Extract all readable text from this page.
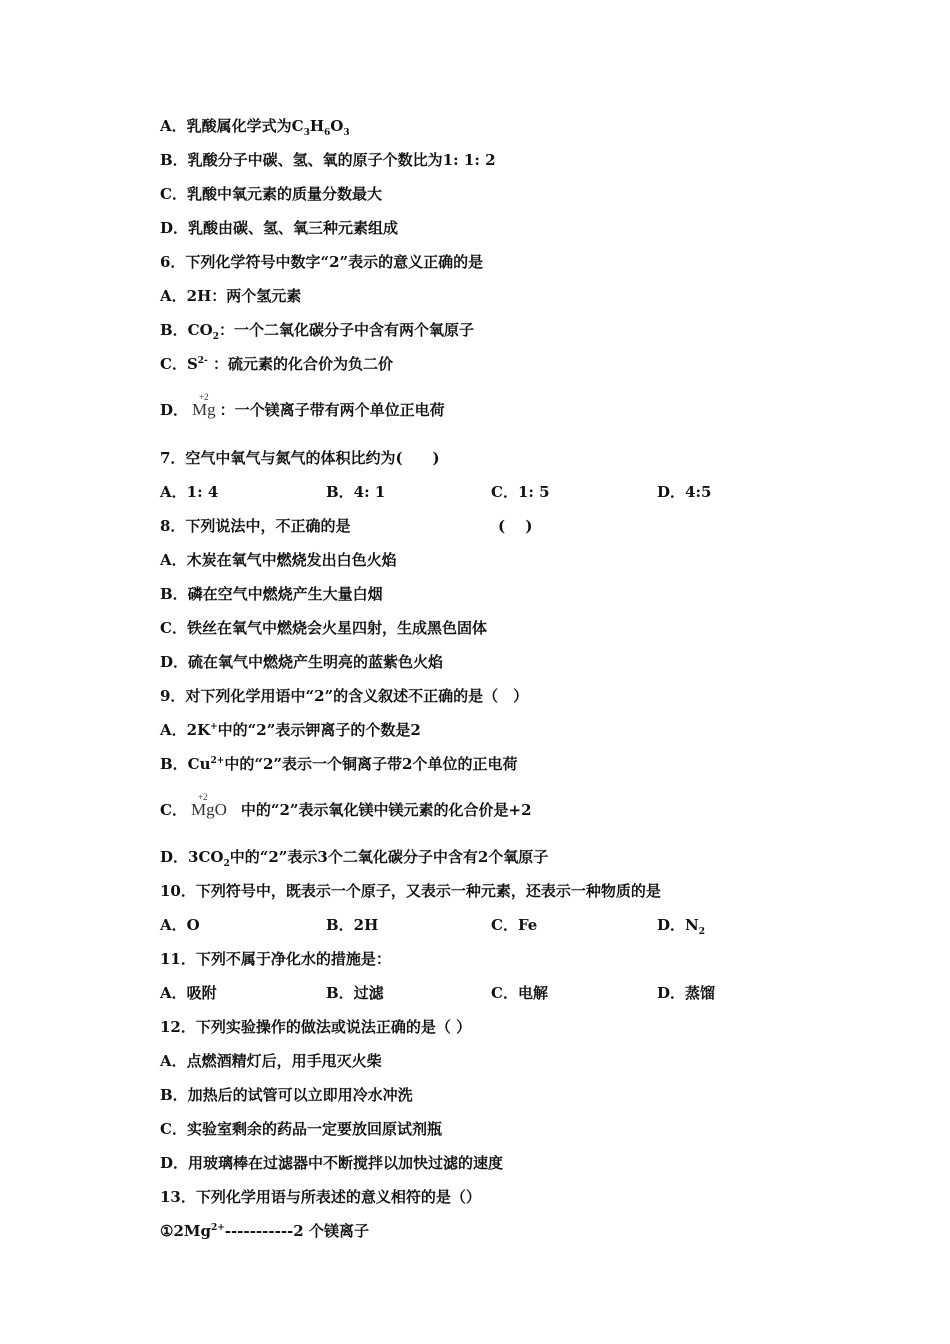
A．乳酸属化学式为$C_3H_6O_3$
B．乳酸分子中碳、氢、氧的原子个数比为1: 1: 2
C．乳酸中氧元素的质量分数最大
D．乳酸由碳、氢、氧三种元素组成
6．下列化学符号中数字“2”表示的意义正确的是
A．2H：两个氢元素
B．$CO_2$：一个二氧化碳分子中含有两个氧原子
C．$S^{2-}$ ：硫元素的化合价为负二价
D．
+2
Mg ：一个镁离子带有两个单位正电荷
7．空气中氧气与氮气的体积比约为(　　)
A．1: 4	B．4: 1	C．1: 5	D．4:5
8．下列说法中，不正确的是	(　 )
A．木炭在氧气中燃烧发出白色火焰
B．磷在空气中燃烧产生大量白烟
C．铁丝在氧气中燃烧会火星四射，生成黑色固体
D．硫在氧气中燃烧产生明亮的蓝紫色火焰
9．对下列化学用语中“2”的含义叙述不正确的是（　）
A．2K+中的“2”表示钾离子的个数是2
B．$Cu^{2+}$中的“2”表示一个铜离子带2个单位的正电荷
C．
+2
MgO 中的“2”表示氧化镁中镁元素的化合价是+2
D．$3CO_2$中的“2”表示3个二氧化碳分子中含有2个氧原子
10．下列符号中，既表示一个原子，又表示一种元素，还表示一种物质的是
A．O	B．2H	C．Fe	D．$N_2$
11．下列不属于净化水的措施是：
A．吸附	B．过滤	C．电解	D．蒸馏
12．下列实验操作的做法或说法正确的是（ ）
A．点燃酒精灯后，用手甩灭火柴
B．加热后的试管可以立即用冷水冲洗
C．实验室剩余的药品一定要放回原试剂瓶
D．用玻璃棒在过滤器中不断搅拌以加快过滤的速度
13．下列化学用语与所表述的意义相符的是（）
$①2Mg^{2+}-----------2$ 个镁离子
